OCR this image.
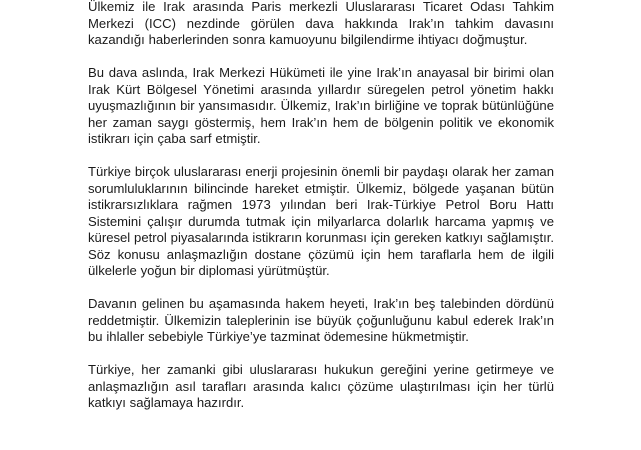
Ülkemiz ile Irak arasında Paris merkezli Uluslararası Ticaret Odası Tahkim Merkezi (ICC) nezdinde görülen dava hakkında Irak’ın tahkim davasını kazandığı haberlerinden sonra kamuoyunu bilgilendirme ihtiyacı doğmuştur.

Bu dava aslında, Irak Merkezi Hükümeti ile yine Irak’ın anayasal bir birimi olan Irak Kürt Bölgesel Yönetimi arasında yıllardır süregelen petrol yönetim hakkı uyuşmazlığının bir yansımasıdır. Ülkemiz, Irak’ın birliğine ve toprak bütünlüğüne her zaman saygı göstermiş, hem Irak’ın hem de bölgenin politik ve ekonomik istikrarı için çaba sarf etmiştir.

Türkiye birçok uluslararası enerji projesinin önemli bir paydaşı olarak her zaman sorumluluklarının bilincinde hareket etmiştir. Ülkemiz, bölgede yaşanan bütün istikrarsızlıklara rağmen 1973 yılından beri Irak-Türkiye Petrol Boru Hattı Sistemini çalışır durumda tutmak için milyarlarca dolarlık harcama yapmış ve küresel petrol piyasalarında istikrarın korunması için gereken katkıyı sağlamıştır. Söz konusu anlaşmazlığın dostane çözümü için hem taraflarla hem de ilgili ülkelerle yoğun bir diplomasi yürütmüştür.

Davanın gelinen bu aşamasında hakem heyeti, Irak’ın beş talebinden dördünü reddetmiştir. Ülkemizin taleplerinin ise büyük çoğunluğunu kabul ederek Irak’ın bu ihlaller sebebiyle Türkiye’ye tazminat ödemesine hükmetmiştir.

Türkiye, her zamanki gibi uluslararası hukukun gereğini yerine getirmeye ve anlaşmazlığın asıl tarafları arasında kalıcı çözüme ulaştırılması için her türlü katkıyı sağlamaya hazırdır.
